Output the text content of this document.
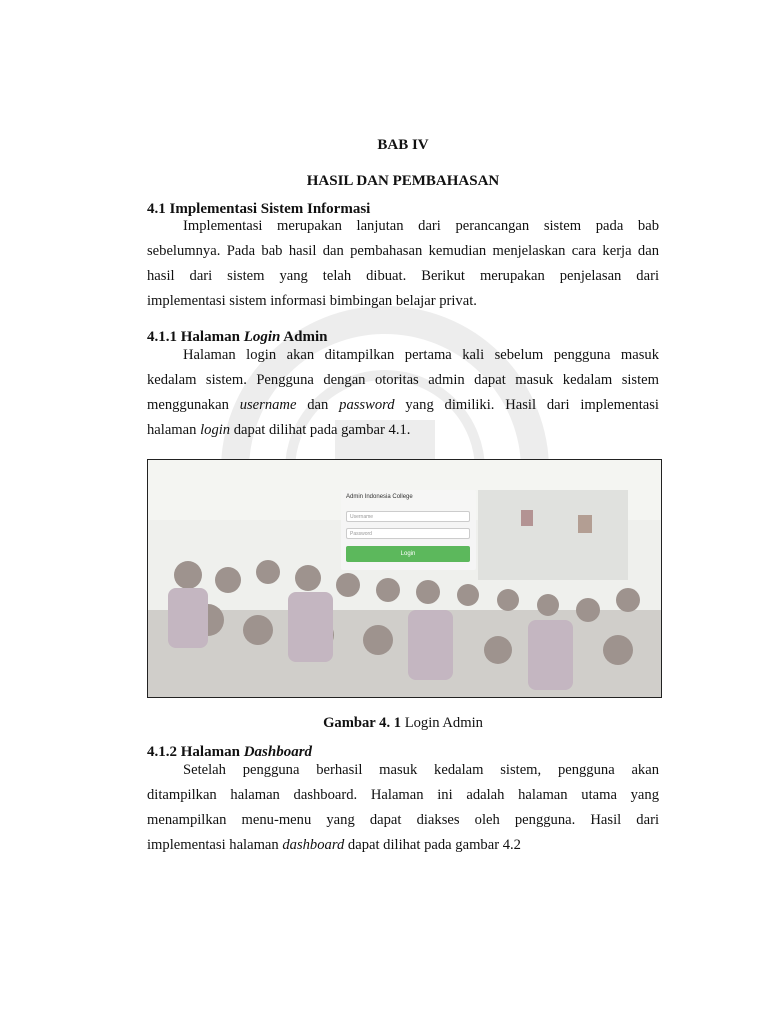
BAB IV
HASIL DAN PEMBAHASAN
4.1 Implementasi Sistem Informasi
Implementasi merupakan lanjutan dari perancangan sistem pada bab
sebelumnya. Pada bab hasil dan pembahasan kemudian menjelaskan cara kerja dan
hasil dari sistem yang telah dibuat. Berikut merupakan penjelasan dari
implementasi sistem informasi bimbingan belajar privat.
4.1.1 Halaman Login Admin
Halaman login akan ditampilkan pertama kali sebelum pengguna masuk
kedalam sistem. Pengguna dengan otoritas admin dapat masuk kedalam sistem
menggunakan username dan password yang dimiliki. Hasil dari implementasi
halaman login dapat dilihat pada gambar 4.1.
Gambar 4. 1 Login Admin
4.1.2 Halaman Dashboard
Setelah pengguna berhasil masuk kedalam sistem, pengguna akan
ditampilkan halaman dashboard. Halaman ini adalah halaman utama yang
menampilkan menu-menu yang dapat diakses oleh pengguna. Hasil dari
implementasi halaman dashboard dapat dilihat pada gambar 4.2
Admin Indonesia College
Username
Password
Login
